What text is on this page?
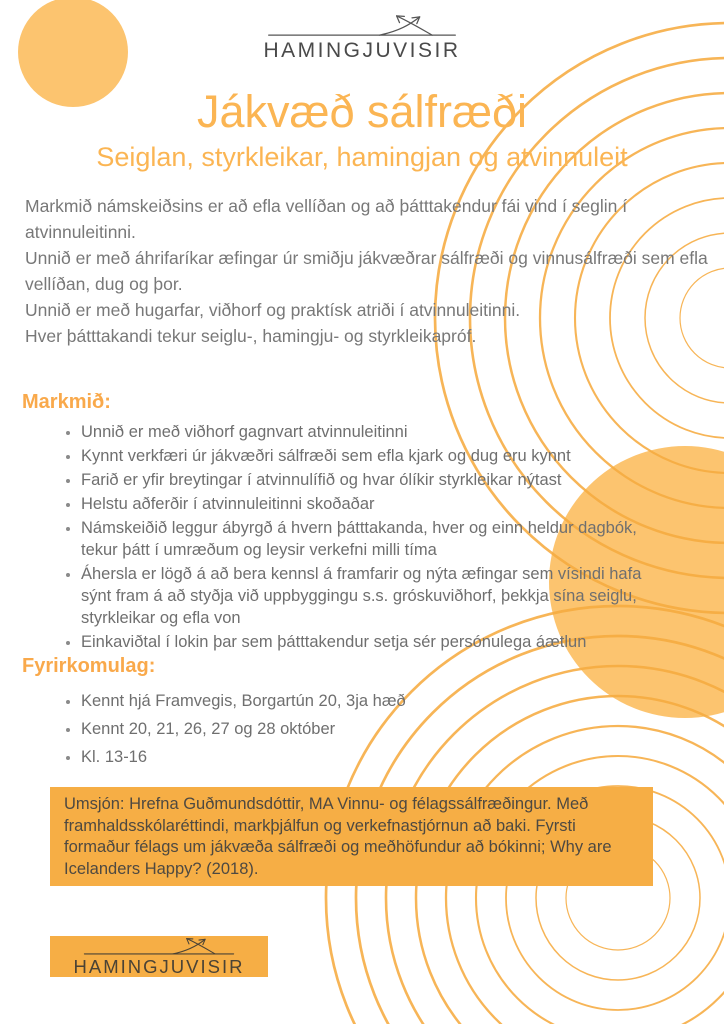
HAMINGJUVISIR
Jákvæð sálfræði
Seiglan, styrkleikar, hamingjan og atvinnuleit

Markmið námskeiðsins er að efla vellíðan og að þátttakendur fái vind í seglin í atvinnuleitinni.

Unnið er með áhrifaríkar æfingar úr smiðju jákvæðrar sálfræði og vinnusálfræði sem efla vellíðan, dug og þor.

Unnið er með hugarfar, viðhorf og praktísk atriði í atvinnuleitinni.

Hver þátttakandi tekur seiglu-, hamingju- og styrkleikapróf.

Markmið:
• Unnið er með viðhorf gagnvart atvinnuleitinni
• Kynnt verkfæri úr jákvæðri sálfræði sem efla kjark og dug eru kynnt
• Farið er yfir breytingar í atvinnulífið og hvar ólíkir styrkleikar nýtast
• Helstu aðferðir í atvinnuleitinni skoðaðar
• Námskeiðið leggur ábyrgð á hvern þátttakanda, hver og einn heldur dagbók, tekur þátt í umræðum og leysir verkefni milli tíma
• Áhersla er lögð á að bera kennsl á framfarir og nýta æfingar sem vísindi hafa sýnt fram á að styðja við uppbyggingu s.s. gróskuviðhorf, þekkja sína seiglu, styrkleikar og efla von
• Einkaviðtal í lokin þar sem þátttakendur setja sér persónulega áætlun
Fyrirkomulag:
• Kennt hjá Framvegis, Borgartún 20, 3ja hæð
• Kennt 20, 21, 26, 27 og 28 október
• Kl. 13-16

Umsjón: Hrefna Guðmundsdóttir, MA Vinnu- og félagssálfræðingur. Með framhaldsskólaréttindi, markþjálfun og verkefnastjórnun að baki. Fyrsti formaður félags um jákvæða sálfræði og meðhöfundur að bókinni; Why are Icelanders Happy? (2018).

HAMINGJUVISIR
